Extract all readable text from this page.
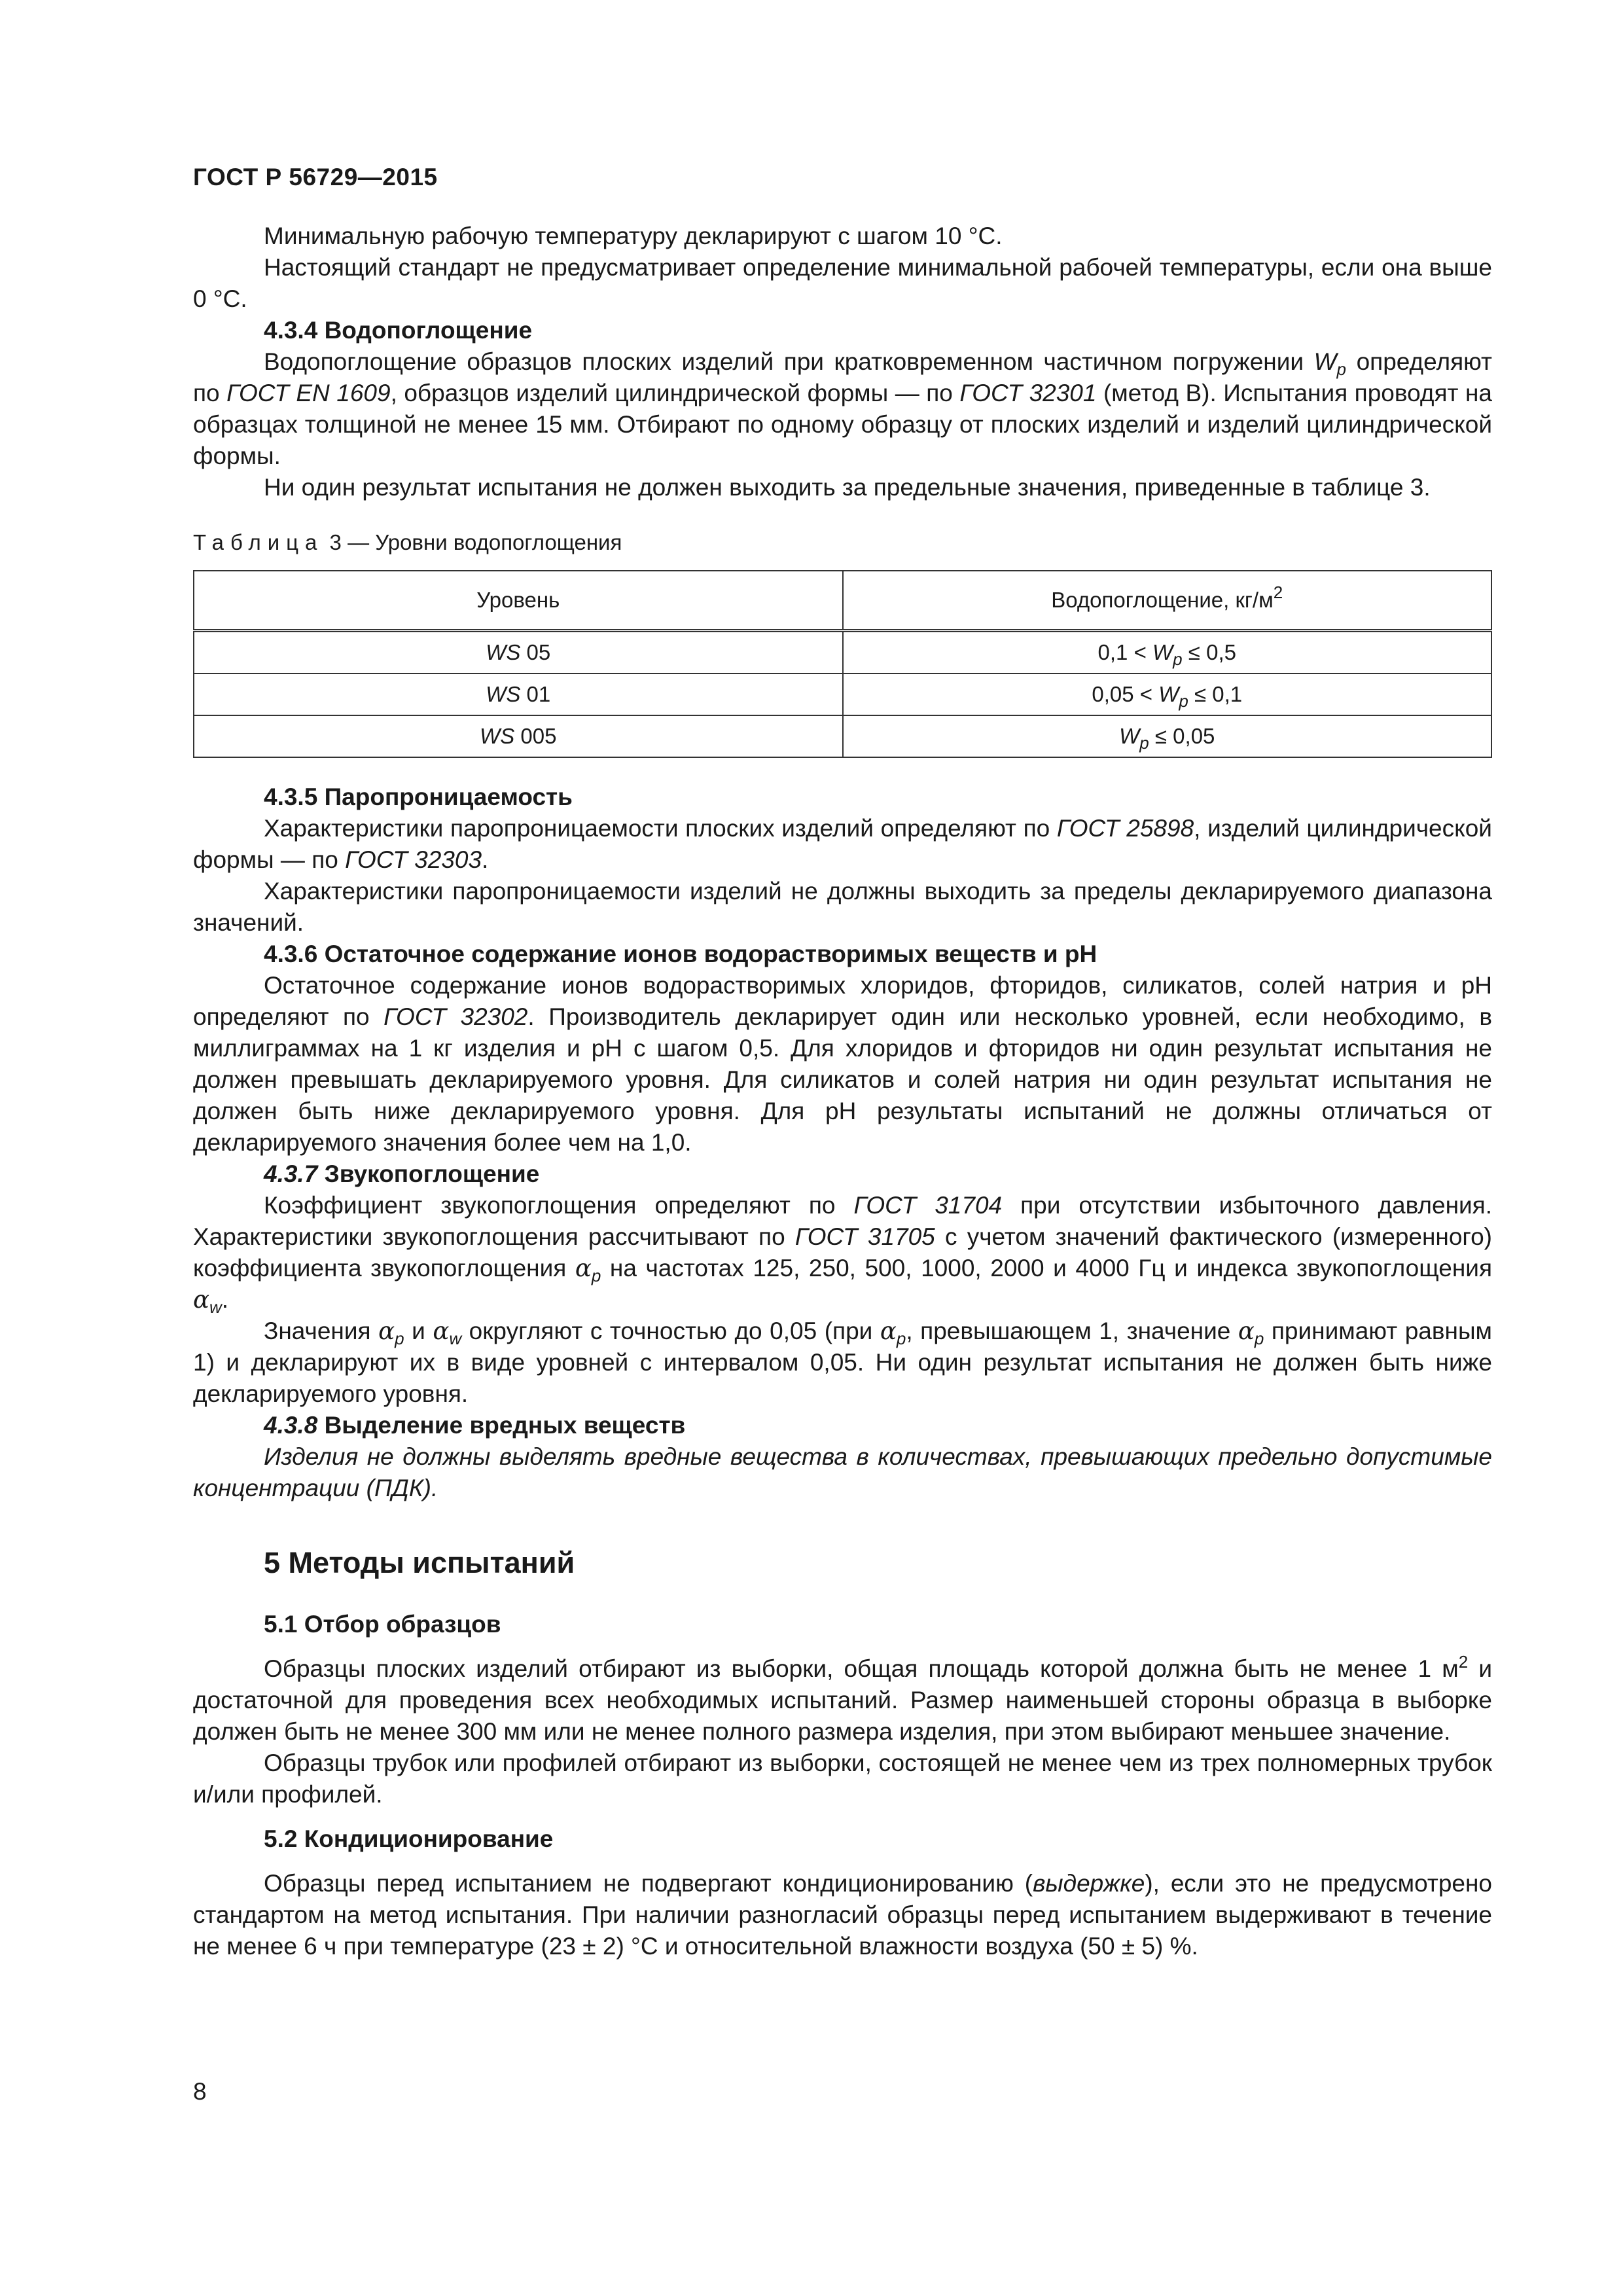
ГОСТ Р 56729—2015

Минимальную рабочую температуру декларируют с шагом 10 °С.

Настоящий стандарт не предусматривает определение минимальной рабочей температуры, если она выше 0 °С.

4.3.4 Водопоглощение

Водопоглощение образцов плоских изделий при кратковременном частичном погружении $W_p$ определяют по ГОСТ EN 1609, образцов изделий цилиндрической формы — по ГОСТ 32301 (метод В). Испытания проводят на образцах толщиной не менее 15 мм. Отбирают по одному образцу от плоских изделий и изделий цилиндрической формы.

Ни один результат испытания не должен выходить за предельные значения, приведенные в таблице 3.

Таблица 3 — Уровни водопоглощения
Уровень	Водопоглощение, $кг/м^2$
WS 05	$0,1 < W_p \le 0,5$
WS 01	$0,05 < W_p \le 0,1$
WS 005	$W_p \le 0,05$
4.3.5 Паропроницаемость

Характеристики паропроницаемости плоских изделий определяют по ГОСТ 25898, изделий цилиндрической формы — по ГОСТ 32303.

Характеристики паропроницаемости изделий не должны выходить за пределы декларируемого диапазона значений.

4.3.6 Остаточное содержание ионов водорастворимых веществ и рН

Остаточное содержание ионов водорастворимых хлоридов, фторидов, силикатов, солей натрия и рН определяют по ГОСТ 32302. Производитель декларирует один или несколько уровней, если необходимо, в миллиграммах на 1 кг изделия и рН с шагом 0,5. Для хлоридов и фторидов ни один результат испытания не должен превышать декларируемого уровня. Для силикатов и солей натрия ни один результат испытания не должен быть ниже декларируемого уровня. Для рН результаты испытаний не должны отличаться от декларируемого значения более чем на 1,0.

4.3.7 Звукопоглощение

Коэффициент звукопоглощения определяют по ГОСТ 31704 при отсутствии избыточного давления. Характеристики звукопоглощения рассчитывают по ГОСТ 31705 с учетом значений фактического (измеренного) коэффициента звукопоглощения $\alpha_p$ на частотах 125, 250, 500, 1000, 2000 и 4000 Гц и индекса звукопоглощения $\alpha_w$.

Значения $\alpha_p$ и $\alpha_w$ округляют с точностью до 0,05 (при $\alpha_p$, превышающем 1, значение $\alpha_p$ принимают равным 1) и декларируют их в виде уровней с интервалом 0,05. Ни один результат испытания не должен быть ниже декларируемого уровня.

4.3.8 Выделение вредных веществ

Изделия не должны выделять вредные вещества в количествах, превышающих предельно допустимые концентрации (ПДК).

5 Методы испытаний
5.1 Отбор образцов

Образцы плоских изделий отбирают из выборки, общая площадь которой должна быть не менее 1 $м^2$ и достаточной для проведения всех необходимых испытаний. Размер наименьшей стороны образца в выборке должен быть не менее 300 мм или не менее полного размера изделия, при этом выбирают меньшее значение.

Образцы трубок или профилей отбирают из выборки, состоящей не менее чем из трех полномерных трубок и/или профилей.

5.2 Кондиционирование

Образцы перед испытанием не подвергают кондиционированию (выдержке), если это не предусмотрено стандартом на метод испытания. При наличии разногласий образцы перед испытанием выдерживают в течение не менее 6 ч при температуре (23 ± 2) °С и относительной влажности воздуха (50 ± 5) %.

8
